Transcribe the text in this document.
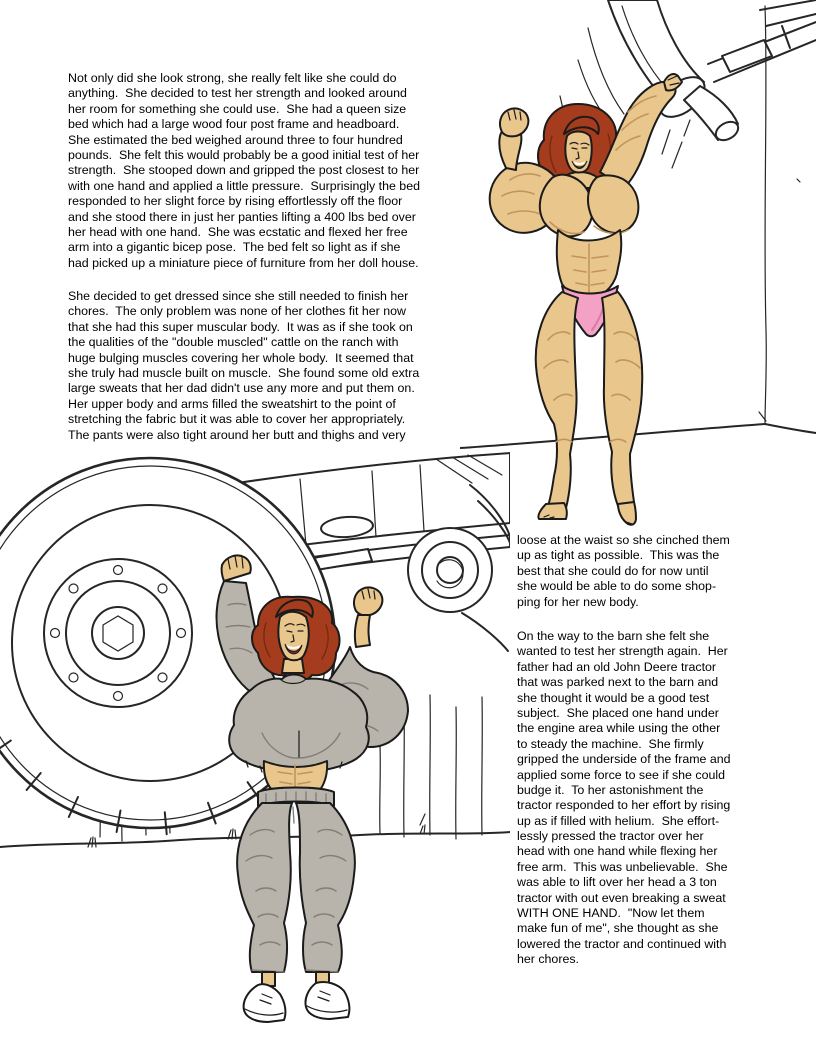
Not only did she look strong, she really felt like she could do
anything.  She decided to test her strength and looked around
her room for something she could use.  She had a queen size
bed which had a large wood four post frame and headboard.
She estimated the bed weighed around three to four hundred
pounds.  She felt this would probably be a good initial test of her
strength.  She stooped down and gripped the post closest to her
with one hand and applied a little pressure.  Surprisingly the bed
responded to her slight force by rising effortlessly off the floor
and she stood there in just her panties lifting a 400 lbs bed over
her head with one hand.  She was ecstatic and flexed her free
arm into a gigantic bicep pose.  The bed felt so light as if she
had picked up a miniature piece of furniture from her doll house.
She decided to get dressed since she still needed to finish her
chores.  The only problem was none of her clothes fit her now
that she had this super muscular body.  It was as if she took on
the qualities of the "double muscled" cattle on the ranch with
huge bulging muscles covering her whole body.  It seemed that
she truly had muscle built on muscle.  She found some old extra
large sweats that her dad didn't use any more and put them on.
Her upper body and arms filled the sweatshirt to the point of
stretching the fabric but it was able to cover her appropriately.
The pants were also tight around her butt and thighs and very
loose at the waist so she cinched them
up as tight as possible.  This was the
best that she could do for now until
she would be able to do some shop-
ping for her new body.
On the way to the barn she felt she
wanted to test her strength again.  Her
father had an old John Deere tractor
that was parked next to the barn and
she thought it would be a good test
subject.  She placed one hand under
the engine area while using the other
to steady the machine.  She firmly
gripped the underside of the frame and
applied some force to see if she could
budge it.  To her astonishment the
tractor responded to her effort by rising
up as if filled with helium.  She effort-
lessly pressed the tractor over her
head with one hand while flexing her
free arm.  This was unbelievable.  She
was able to lift over her head a 3 ton
tractor with out even breaking a sweat
WITH ONE HAND.  "Now let them
make fun of me", she thought as she
lowered the tractor and continued with
her chores.
